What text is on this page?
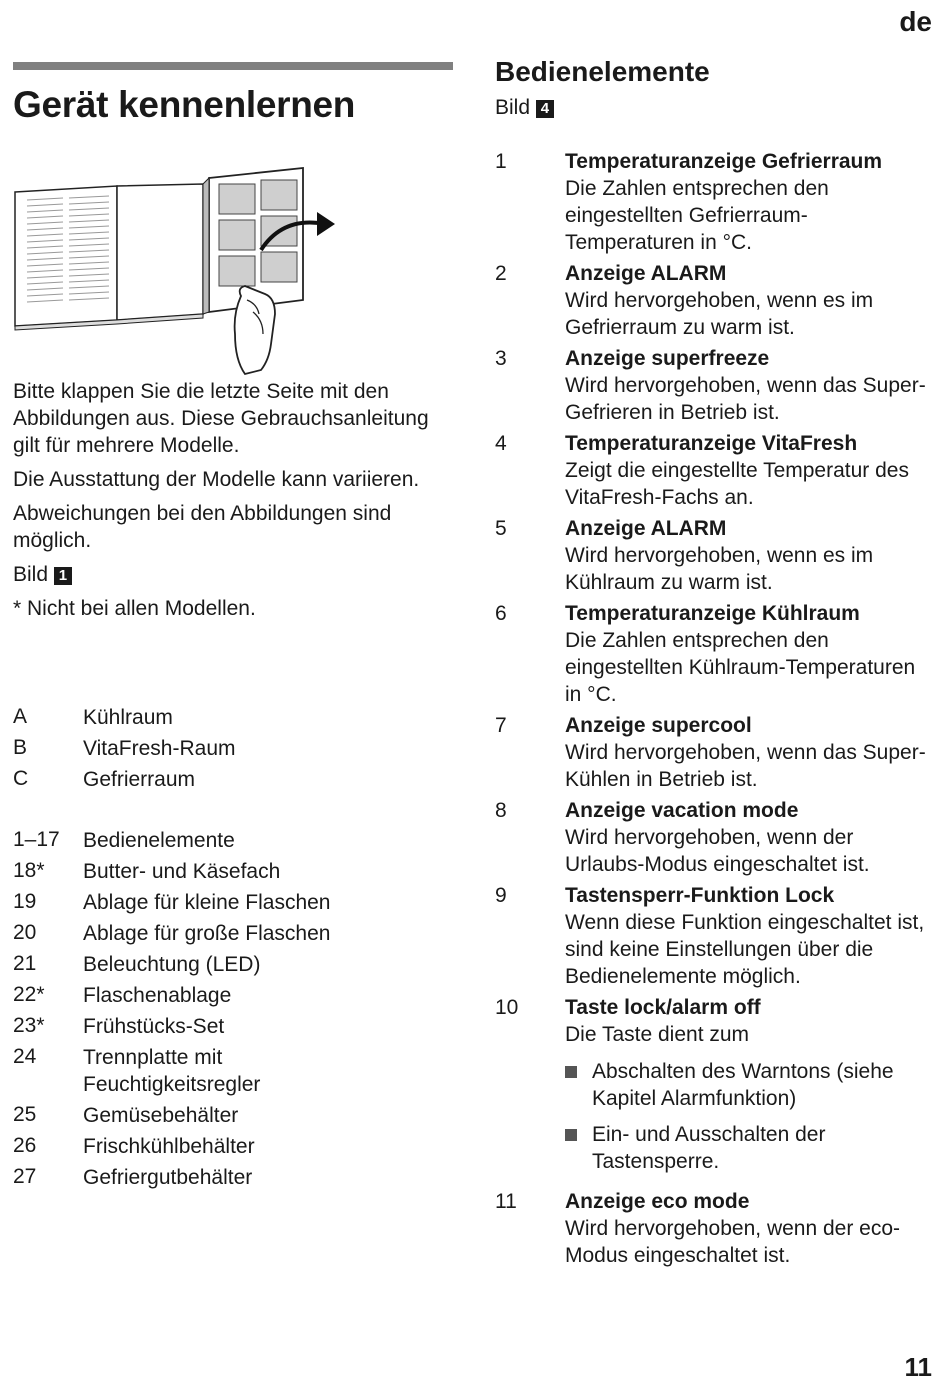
de
Gerät kennenlernen

Bitte klappen Sie die letzte Seite mit den Abbildungen aus. Diese Gebrauchsanleitung gilt für mehrere Modelle.

Die Ausstattung der Modelle kann variieren.

Abweichungen bei den Abbildungen sind möglich.

Bild 1

* Nicht bei allen Modellen.

A	Kühlraum
B	VitaFresh-Raum
C	Gefrierraum
1–17	Bedienelemente
18*	Butter- und Käsefach
19	Ablage für kleine Flaschen
20	Ablage für große Flaschen
21	Beleuchtung (LED)
22*	Flaschenablage
23*	Frühstücks-Set
24	Trennplatte mit Feuchtigkeitsregler
25	Gemüsebehälter
26	Frischkühlbehälter
27	Gefriergutbehälter
Bedienelemente
Bild 4
1	Temperaturanzeige Gefrierraum
Die Zahlen entsprechen den eingestellten Gefrierraum-Temperaturen in °C.
2	Anzeige ALARM
Wird hervorgehoben, wenn es im Gefrierraum zu warm ist.
3	Anzeige superfreeze
Wird hervorgehoben, wenn das Super-Gefrieren in Betrieb ist.
4	Temperaturanzeige VitaFresh
Zeigt die eingestellte Temperatur des VitaFresh-Fachs an.
5	Anzeige ALARM
Wird hervorgehoben, wenn es im Kühlraum zu warm ist.
6	Temperaturanzeige Kühlraum
Die Zahlen entsprechen den eingestellten Kühlraum-Temperaturen in °C.
7	Anzeige supercool
Wird hervorgehoben, wenn das Super-Kühlen in Betrieb ist.
8	Anzeige vacation mode
Wird hervorgehoben, wenn der Urlaubs-Modus eingeschaltet ist.
9	Tastensperr-Funktion Lock
Wenn diese Funktion eingeschaltet ist, sind keine Einstellungen über die Bedienelemente möglich.
10	Taste lock/alarm off
Die Taste dient zum
Abschalten des Warntons (siehe Kapitel Alarmfunktion)
Ein- und Ausschalten der Tastensperre.
11	Anzeige eco mode
Wird hervorgehoben, wenn der eco-Modus eingeschaltet ist.
11
